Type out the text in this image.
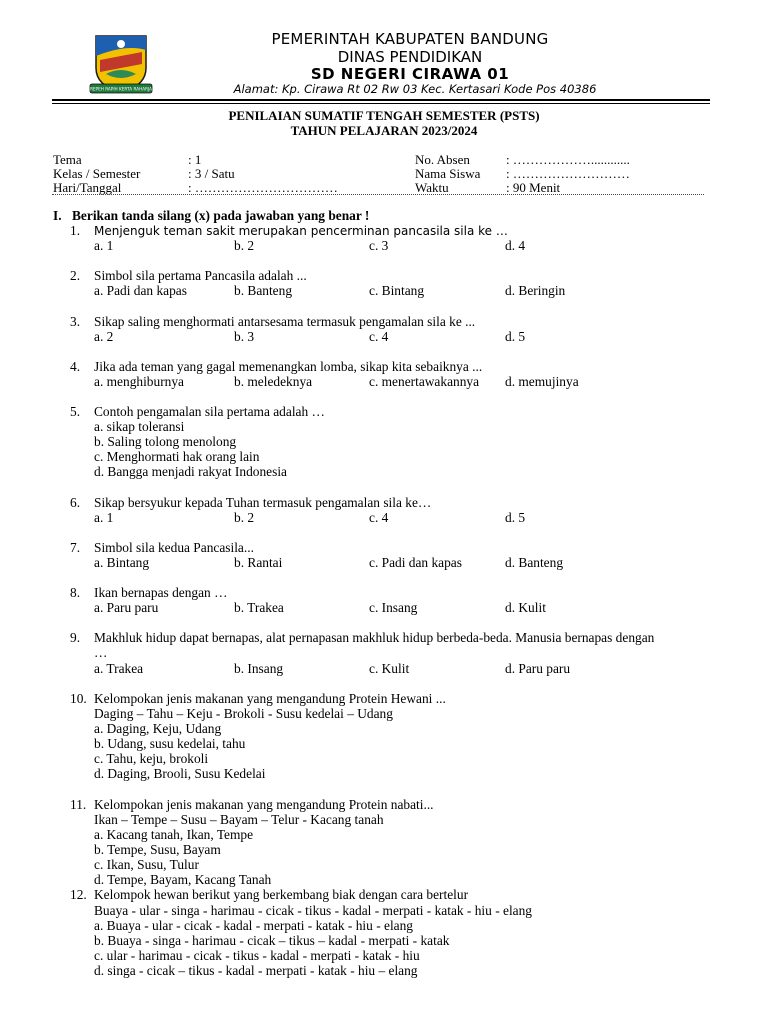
REPEH RAPIH KERTA RAHARJA
PEMERINTAH KABUPATEN BANDUNG
DINAS PENDIDIKAN
SD NEGERI CIRAWA 01
Alamat: Kp. Cirawa Rt 02 Rw 03 Kec. Kertasari Kode Pos 40386
PENILAIAN SUMATIF TENGAH SEMESTER (PSTS)
TAHUN PELAJARAN 2023/2024
Tema	: 1
Kelas / Semester	: 3 / Satu
Hari/Tanggal	: ……………………………
No. Absen	: ………………............
Nama Siswa : ………………………
Waktu	: 90 Menit
I. Berikan tanda silang (x) pada jawaban yang benar !
1. Menjenguk teman sakit merupakan pencerminan pancasila sila ke …
a. 1	b. 2	c. 3	d. 4
2. Simbol sila pertama Pancasila adalah ...
a. Padi dan kapas	b. Banteng	c. Bintang	d. Beringin
3. Sikap saling menghormati antarsesama termasuk pengamalan sila ke ...
a. 2	b. 3	c. 4	d. 5
4. Jika ada teman yang gagal memenangkan lomba, sikap kita sebaiknya ...
a. menghiburnya	b. meledeknya	c. menertawakannya d. memujinya
5. Contoh pengamalan sila pertama adalah …
a. sikap toleransi
b. Saling tolong menolong
c. Menghormati hak orang lain
d. Bangga menjadi rakyat Indonesia
6. Sikap bersyukur kepada Tuhan termasuk pengamalan sila ke…
a. 1	b. 2	c. 4	d. 5
7. Simbol sila kedua Pancasila...
a. Bintang	b. Rantai	c. Padi dan kapas	d. Banteng
8. Ikan bernapas dengan …
a. Paru paru	b. Trakea	c. Insang	d. Kulit
9. Makhluk hidup dapat bernapas, alat pernapasan makhluk hidup berbeda-beda. Manusia bernapas dengan
…
a. Trakea	b. Insang	c. Kulit	d. Paru paru
10. Kelompokan jenis makanan yang mengandung Protein Hewani ...
Daging – Tahu – Keju - Brokoli - Susu kedelai – Udang
a. Daging, Keju, Udang
b. Udang, susu kedelai, tahu
c. Tahu, keju, brokoli
d. Daging, Brooli, Susu Kedelai
11. Kelompokan jenis makanan yang mengandung Protein nabati...
Ikan – Tempe – Susu – Bayam – Telur - Kacang tanah
a. Kacang tanah, Ikan, Tempe
b. Tempe, Susu, Bayam
c. Ikan, Susu, Tulur
d. Tempe, Bayam, Kacang Tanah
12. Kelompok hewan berikut yang berkembang biak dengan cara bertelur
Buaya - ular - singa - harimau - cicak - tikus - kadal - merpati - katak - hiu - elang
a. Buaya - ular - cicak - kadal - merpati - katak - hiu - elang
b. Buaya - singa - harimau - cicak – tikus – kadal - merpati - katak
c. ular - harimau - cicak - tikus - kadal - merpati - katak - hiu
d. singa - cicak – tikus - kadal - merpati - katak - hiu – elang
